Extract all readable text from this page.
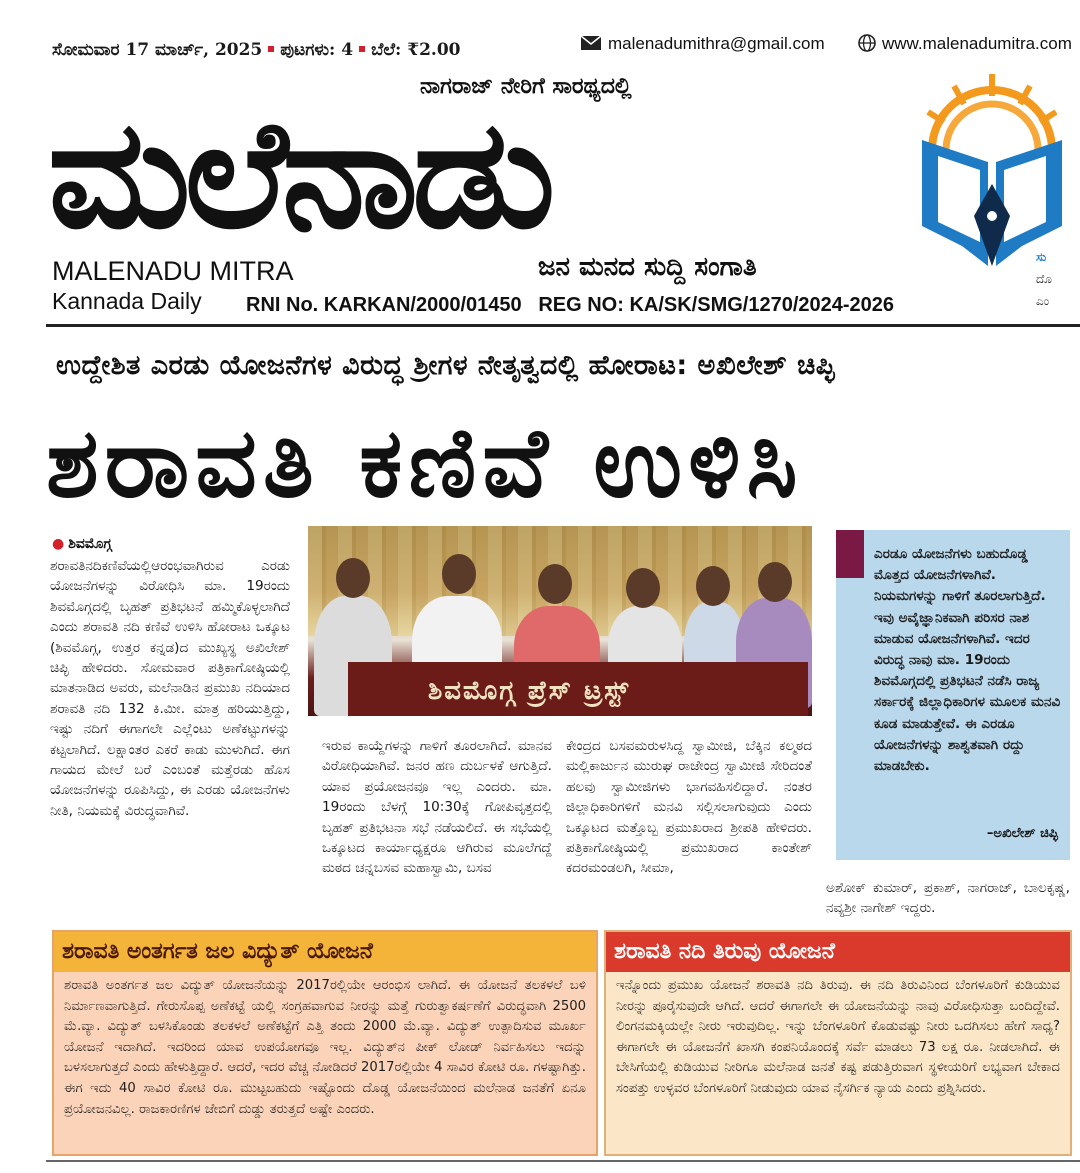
ಸೋಮವಾರ 17 ಮಾರ್ಚ್, 2025 ಪುಟಗಳು: 4 ಬೆಲೆ: ₹2.00	malenadumithra@gmail.com	www.malenadumitra.com
ನಾಗರಾಜ್ ನೇರಿಗೆ ಸಾರಥ್ಯದಲ್ಲಿ
ಮಲೆನಾಡು
MALENADU MITRA
Kannada Daily
ಜನ ಮನದ ಸುದ್ದಿ ಸಂಗಾತಿ
RNI No. KARKAN/2000/01450 REG NO: KA/SK/SMG/1270/2024-2026
ಸು
ದೊ
ಎಂ
ಉದ್ದೇಶಿತ ಎರಡು ಯೋಜನೆಗಳ ವಿರುದ್ಧ ಶ್ರೀಗಳ ನೇತೃತ್ವದಲ್ಲಿ ಹೋರಾಟ: ಅಖಿಲೇಶ್ ಚಿಪ್ಳಿ
ಶರಾವತಿ ಕಣಿವೆ ಉಳಿಸಿ
● ಶಿವಮೊಗ್ಗ
ಶರಾವತಿನದಿಕಣಿವೆಯಲ್ಲಿಆರಂಭವಾಗಿರುವ ಎರಡು ಯೋಜನೆಗಳನ್ನು ವಿರೋಧಿಸಿ ಮಾ. 19ರಂದು ಶಿವಮೊಗ್ಗದಲ್ಲಿ ಬೃಹತ್ ಪ್ರತಿಭಟನೆ ಹಮ್ಮಿಕೊಳ್ಳಲಾಗಿದೆ ಎಂದು ಶರಾವತಿ ನದಿ ಕಣಿವೆ ಉಳಿಸಿ ಹೋರಾಟ ಒಕ್ಕೂಟ (ಶಿವಮೊಗ್ಗ, ಉತ್ತರ ಕನ್ನಡ)ದ ಮುಖ್ಯಸ್ಥ ಅಖಿಲೇಶ್ ಚಿಪ್ಳಿ ಹೇಳಿದರು. ಸೋಮವಾರ ಪತ್ರಿಕಾಗೋಷ್ಠಿಯಲ್ಲಿ ಮಾತನಾಡಿದ ಅವರು, ಮಲೆನಾಡಿನ ಪ್ರಮುಖ ನದಿಯಾದ ಶರಾವತಿ ನದಿ 132 ಕಿ.ಮೀ. ಮಾತ್ರ ಹರಿಯುತ್ತಿದ್ದು, ಇಷ್ಟು ನದಿಗೆ ಈಗಾಗಲೇ ಎಲ್ಲೆಂಟು ಅಣೆಕಟ್ಟುಗಳನ್ನು ಕಟ್ಟಲಾಗಿದೆ. ಲಕ್ಷಾಂತರ ಎಕರೆ ಕಾಡು ಮುಳುಗಿದೆ. ಈಗ ಗಾಯದ ಮೇಲೆ ಬರೆ ಎಂಬಂತೆ ಮತ್ತೆರಡು ಹೊಸ ಯೋಜನೆಗಳನ್ನು ರೂಪಿಸಿದ್ದು, ಈ ಎರಡು ಯೋಜನೆಗಳು ನೀತಿ, ನಿಯಮಕ್ಕೆ ವಿರುದ್ಧವಾಗಿವೆ.
ಶಿವಮೊಗ್ಗ ಪ್ರೆಸ್ ಟ್ರಸ್ಟ್
ಇರುವ ಕಾಯ್ದೆಗಳನ್ನು ಗಾಳಿಗೆ ತೂರಲಾಗಿದೆ. ಮಾನವ ವಿರೋಧಿಯಾಗಿವೆ. ಜನರ ಹಣ ದುರ್ಬಳಕೆ ಆಗುತ್ತಿದೆ. ಯಾವ ಪ್ರಯೋಜನವೂ ಇಲ್ಲ ಎಂದರು. ಮಾ. 19ರಂದು ಬೆಳಗ್ಗೆ 10:30ಕ್ಕೆ ಗೋಪಿವೃತ್ತದಲ್ಲಿ ಬೃಹತ್ ಪ್ರತಿಭಟನಾ ಸಭೆ ನಡೆಯಲಿದೆ. ಈ ಸಭೆಯಲ್ಲಿ ಒಕ್ಕೂಟದ ಕಾರ್ಯಾಧ್ಯಕ್ಷರೂ ಆಗಿರುವ ಮೂಲೆಗದ್ದೆ ಮಠದ ಚನ್ನಬಸವ ಮಹಾಸ್ವಾಮಿ, ಬಸವ
ಕೇಂದ್ರದ ಬಸವಮರುಳಸಿದ್ದ ಸ್ವಾಮೀಜಿ, ಬೆಕ್ಕಿನ ಕಲ್ಮಠದ ಮಲ್ಲಿಕಾರ್ಜುನ ಮುರುಘ ರಾಜೇಂದ್ರ ಸ್ವಾಮೀಜಿ ಸೇರಿದಂತೆ ಹಲವು ಸ್ವಾಮೀಜಿಗಳು ಭಾಗವಹಿಸಲಿದ್ದಾರೆ. ನಂತರ ಜಿಲ್ಲಾಧಿಕಾರಿಗಳಿಗೆ ಮನವಿ ಸಲ್ಲಿಸಲಾಗುವುದು ಎಂದು ಒಕ್ಕೂಟದ ಮತ್ತೊಬ್ಬ ಪ್ರಮುಖರಾದ ಶ್ರೀಪತಿ ಹೇಳಿದರು. ಪತ್ರಿಕಾಗೋಷ್ಠಿಯಲ್ಲಿ ಪ್ರಮುಖರಾದ ಕಾಂತೇಶ್ ಕದರಮಂಡಲಗಿ, ಸೀಮಾ,
ಅಶೋಕ್ ಕುಮಾರ್, ಪ್ರಕಾಶ್, ನಾಗರಾಜ್, ಬಾಲಕೃಷ್ಣ, ನವ್ಯಶ್ರೀ ನಾಗೇಶ್ ಇದ್ದರು.
ಎರಡೂ ಯೋಜನೆಗಳು ಬಹುದೊಡ್ಡ ಮೊತ್ತದ ಯೋಜನೆಗಳಾಗಿವೆ. ನಿಯಮಗಳನ್ನು ಗಾಳಿಗೆ ತೂರಲಾಗುತ್ತಿದೆ. ಇವು ಅವೈಜ್ಞಾನಿಕವಾಗಿ ಪರಿಸರ ನಾಶ ಮಾಡುವ ಯೋಜನೆಗಳಾಗಿವೆ. ಇದರ ವಿರುದ್ಧ ನಾವು ಮಾ. 19ರಂದು ಶಿವಮೊಗ್ಗದಲ್ಲಿ ಪ್ರತಿಭಟನೆ ನಡೆಸಿ ರಾಜ್ಯ ಸರ್ಕಾರಕ್ಕೆ ಜಿಲ್ಲಾಧಿಕಾರಿಗಳ ಮೂಲಕ ಮನವಿ ಕೂಡ ಮಾಡುತ್ತೇವೆ. ಈ ಎರಡೂ ಯೋಜನೆಗಳನ್ನು ಶಾಶ್ವತವಾಗಿ ರದ್ದು ಮಾಡಬೇಕು.
–ಅಖಿಲೇಶ್ ಚಿಪ್ಳಿ
ಶರಾವತಿ ಅಂತರ್ಗತ ಜಲ ವಿದ್ಯುತ್ ಯೋಜನೆ
ಶರಾವತಿ ಅಂತರ್ಗತ ಜಲ ವಿದ್ಯುತ್ ಯೋಜನೆಯನ್ನು 2017ರಲ್ಲಿಯೇ ಆರಂಭಿಸ ಲಾಗಿದೆ. ಈ ಯೋಜನೆ ತಲಕಳಲೆ ಬಳಿ ನಿರ್ಮಾಣವಾಗುತ್ತಿದೆ. ಗೇರುಸೊಪ್ಪ ಅಣೆಕಟ್ಟೆ ಯಲ್ಲಿ ಸಂಗ್ರಹವಾಗುವ ನೀರನ್ನು ಮತ್ತೆ ಗುರುತ್ವಾಕರ್ಷಣೆಗೆ ವಿರುದ್ಧವಾಗಿ 2500 ಮೆ.ವ್ಯಾ. ವಿದ್ಯುತ್ ಬಳಸಿಕೊಂಡು ತಲಕಳಲೆ ಅಣೆಕಟ್ಟೆಗೆ ಎತ್ತಿ ತಂದು 2000 ಮೆ.ವ್ಯಾ. ವಿದ್ಯುತ್ ಉತ್ಪಾದಿಸುವ ಮೂರ್ಖ ಯೋಜನೆ ಇದಾಗಿದೆ. ಇದರಿಂದ ಯಾವ ಉಪಯೋಗವೂ ಇಲ್ಲ. ವಿದ್ಯುತ್‌ನ ಪೀಕ್ ಲೋಡ್ ನಿರ್ವಹಿಸಲು ಇದನ್ನು ಬಳಸಲಾಗುತ್ತದೆ ಎಂದು ಹೇಳುತ್ತಿದ್ದಾರೆ. ಆದರೆ, ಇದರ ವೆಚ್ಚ ನೋಡಿದರೆ 2017ರಲ್ಲಿಯೇ 4 ಸಾವಿರ ಕೋಟಿ ರೂ. ಗಳಷ್ಟಾಗಿತ್ತು. ಈಗ ಇದು 40 ಸಾವಿರ ಕೋಟಿ ರೂ. ಮುಟ್ಟಬಹುದು ಇಷ್ಟೊಂದು ದೊಡ್ಡ ಯೋಜನೆಯಿಂದ ಮಲೆನಾಡ ಜನತೆಗೆ ಏನೂ ಪ್ರಯೋಜನವಿಲ್ಲ. ರಾಜಕಾರಣಿಗಳ ಜೇಬಿಗೆ ದುಡ್ಡು ತರುತ್ತದೆ ಅಷ್ಟೇ ಎಂದರು.
ಶರಾವತಿ ನದಿ ತಿರುವು ಯೋಜನೆ
ಇನ್ನೊಂದು ಪ್ರಮುಖ ಯೋಜನೆ ಶರಾವತಿ ನದಿ ತಿರುವು. ಈ ನದಿ ತಿರುವಿನಿಂದ ಬೆಂಗಳೂರಿಗೆ ಕುಡಿಯುವ ನೀರನ್ನು ಪೂರೈಸುವುದೇ ಆಗಿದೆ. ಆದರೆ ಈಗಾಗಲೇ ಈ ಯೋಜನೆಯನ್ನು ನಾವು ವಿರೋಧಿಸುತ್ತಾ ಬಂದಿದ್ದೇವೆ. ಲಿಂಗನಮಕ್ಕಿಯಲ್ಲೇ ನೀರು ಇರುವುದಿಲ್ಲ. ಇನ್ನು ಬೆಂಗಳೂರಿಗೆ ಕೊಡುವಷ್ಟು ನೀರು ಒದಗಿಸಲು ಹೇಗೆ ಸಾಧ್ಯ? ಈಗಾಗಲೇ ಈ ಯೋಜನೆಗೆ ಖಾಸಗಿ ಕಂಪನಿಯೊಂದಕ್ಕೆ ಸರ್ವೆ ಮಾಡಲು 73 ಲಕ್ಷ ರೂ. ನೀಡಲಾಗಿದೆ. ಈ ಬೇಸಿಗೆಯಲ್ಲಿ ಕುಡಿಯುವ ನೀರಿಗೂ ಮಲೆನಾಡ ಜನತೆ ಕಷ್ಟ ಪಡುತ್ತಿರುವಾಗ ಸ್ಥಳೀಯರಿಗೆ ಲಭ್ಯವಾಗ ಬೇಕಾದ ಸಂಪತ್ತು ಉಳ್ಳವರ ಬೆಂಗಳೂರಿಗೆ ನೀಡುವುದು ಯಾವ ನೈಸರ್ಗಿಕ ನ್ಯಾಯ ಎಂದು ಪ್ರಶ್ನಿಸಿದರು.
